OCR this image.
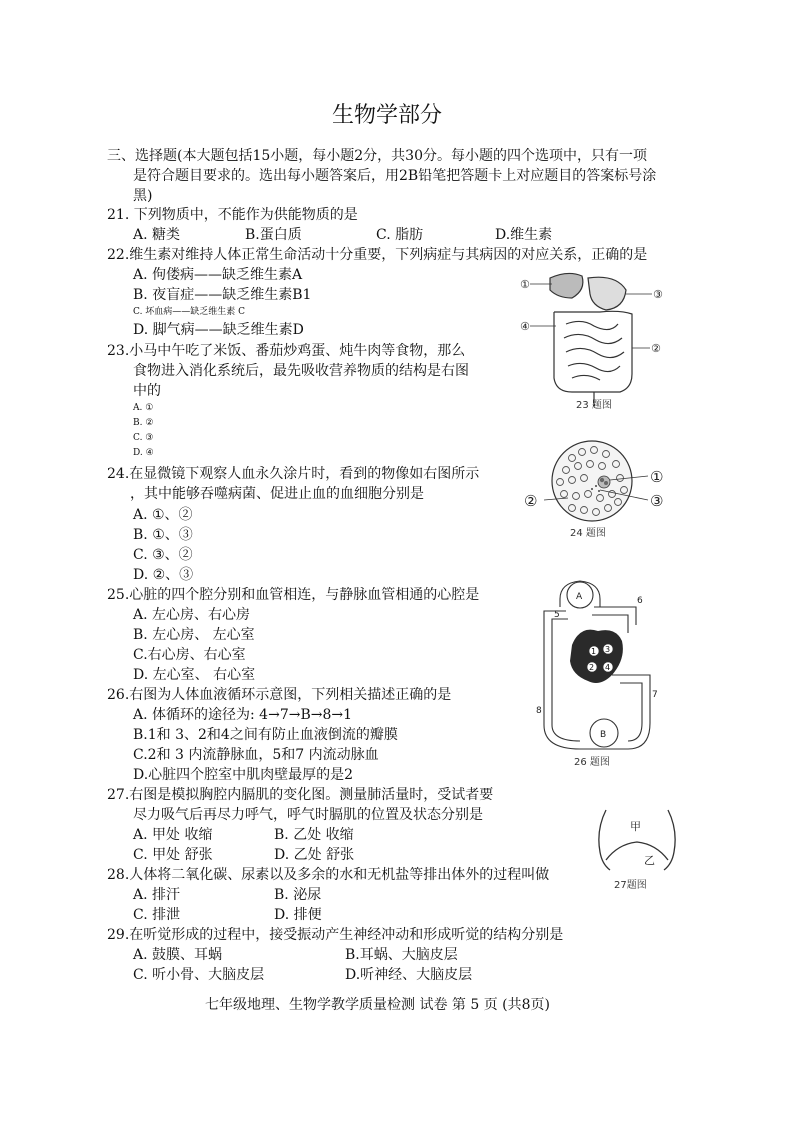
生物学部分
三、选择题(本大题包括15小题，每小题2分，共30分。每小题的四个选项中，只有一项
是符合题目要求的。选出每小题答案后，用2B铅笔把答题卡上对应题目的答案标号涂
黑)
21. 下列物质中，不能作为供能物质的是
A. 糖类	B.蛋白质	C. 脂肪	D.维生素
22.维生素对维持人体正常生命活动十分重要，下列病症与其病因的对应关系，正确的是
A. 佝偻病——缺乏维生素A
B. 夜盲症——缺乏维生素B1
C. 坏血病——缺乏维生素 C
D. 脚气病——缺乏维生素D
23.小马中午吃了米饭、番茄炒鸡蛋、炖牛肉等食物，那么
食物进入消化系统后，最先吸收营养物质的结构是右图
中的
A. ①
B. ②
C. ③
D. ④
24.在显微镜下观察人血永久涂片时，看到的物像如右图所示
，其中能够吞噬病菌、促进止血的血细胞分别是
A. ①、②
B. ①、③
C. ③、②
D. ②、③
25.心脏的四个腔分别和血管相连，与静脉血管相通的心腔是
A. 左心房、右心房
B. 左心房、 左心室
C.右心房、右心室
D. 左心室、 右心室
26.右图为人体血液循环示意图，下列相关描述正确的是
A. 体循环的途径为: 4→7→B→8→1
B.1和 3、2和4之间有防止血液倒流的瓣膜
C.2和 3 内流静脉血，5和7 内流动脉血
D.心脏四个腔室中肌肉壁最厚的是2
27.右图是模拟胸腔内膈肌的变化图。测量肺活量时，受试者要
尽力吸气后再尽力呼气，呼气时膈肌的位置及状态分别是
A. 甲处 收缩	B. 乙处 收缩
C. 甲处 舒张	D. 乙处 舒张
28.人体将二氧化碳、尿素以及多余的水和无机盐等排出体外的过程叫做
A. 排汗	B. 泌尿
C. 排泄	D. 排便
29.在听觉形成的过程中，接受振动产生神经冲动和形成听觉的结构分别是
A. 鼓膜、耳蜗	B.耳蜗、大脑皮层
C. 听小骨、大脑皮层	D.听神经、大脑皮层
七年级地理、生物学教学质量检测 试卷 第 5 页 (共8页)
①
③
④
②
23 题图
①
②	③
24 题图
1 3
2 4
A
B
5
6
7
8
26 题图
甲
乙
27题图
